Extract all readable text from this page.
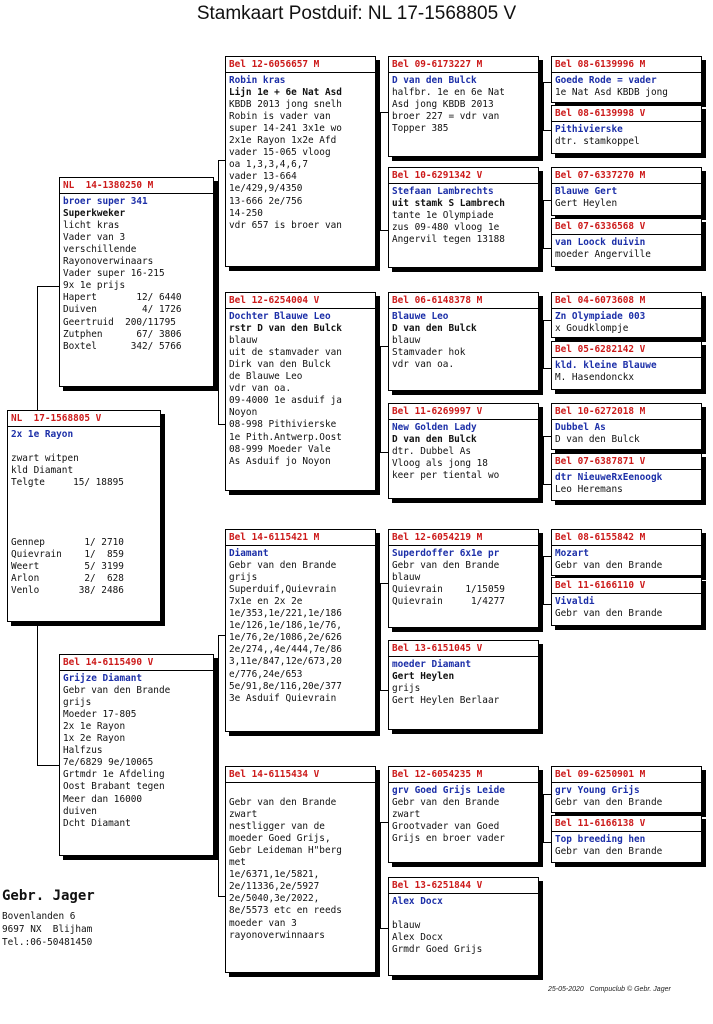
Stamkaart Postduif: NL 17-1568805 V
NL  17-1568805 V
2x 1e Rayon
zwart witpen
kld Diamant
Telgte     15/ 18895
Gennep       1/ 2710
Quievrain    1/  859
Weert        5/ 3199
Arlon        2/  628
Venlo       38/ 2486
NL  14-1380250 M
broer super 341
Superkweker
licht kras
Vader van 3
verschillende
Rayonoverwinaars
Vader super 16-215
9x 1e prijs
Hapert       12/ 6440
Duiven        4/ 1726
Geertruid  200/11795
Zutphen      67/ 3806
Boxtel      342/ 5766
Bel 14-6115490 V
Grijze Diamant
Gebr van den Brande
grijs
Moeder 17-805
2x 1e Rayon
1x 2e Rayon
Halfzus
7e/6829 9e/10065
Grtmdr 1e Afdeling
Oost Brabant tegen
Meer dan 16000
duiven
Dcht Diamant
Bel 12-6056657 M
Robin kras
Lijn 1e + 6e Nat Asd
KBDB 2013 jong snelh
Robin is vader van
super 14-241 3x1e wo
2x1e Rayon 1x2e Afd
vader 15-065 vloog
oa 1,3,3,4,6,7
vader 13-664
1e/429,9/4350
13-666 2e/756
14-250
vdr 657 is broer van
Bel 12-6254004 V
Dochter Blauwe Leo
rstr D van den Bulck
blauw
uit de stamvader van
Dirk van den Bulck
de Blauwe Leo
vdr van oa.
09-4000 1e asduif ja
Noyon
08-998 Pithivierske
1e Pith.Antwerp.Oost
08-999 Moeder Vale
As Asduif jo Noyon
Bel 14-6115421 M
Diamant
Gebr van den Brande
grijs
Superduif,Quievrain
7x1e en 2x 2e
1e/353,1e/221,1e/186
1e/126,1e/186,1e/76,
1e/76,2e/1086,2e/626
2e/274,,4e/444,7e/86
3,11e/847,12e/673,20
e/776,24e/653
5e/91,8e/116,20e/377
3e Asduif Quievrain
Bel 14-6115434 V
Gebr van den Brande
zwart
nestligger van de
moeder Goed Grijs,
Gebr Leideman H"berg
met
1e/6371,1e/5821,
2e/11336,2e/5927
2e/5040,3e/2022,
8e/5573 etc en reeds
moeder van 3
rayonoverwinnaars
Bel 09-6173227 M
D van den Bulck
halfbr. 1e en 6e Nat
Asd jong KBDB 2013
broer 227 = vdr van
Topper 385
Bel 10-6291342 V
Stefaan Lambrechts
uit stamk S Lambrech
tante 1e Olympiade
zus 09-480 vloog 1e
Angervil tegen 13188
Bel 06-6148378 M
Blauwe Leo
D van den Bulck
blauw
Stamvader hok
vdr van oa.
Bel 11-6269997 V
New Golden Lady
D van den Bulck
dtr. Dubbel As
Vloog als jong 18
keer per tiental wo
Bel 12-6054219 M
Superdoffer 6x1e pr
Gebr van den Brande
blauw
Quievrain    1/15059
Quievrain     1/4277
Bel 13-6151045 V
moeder Diamant
Gert Heylen
grijs
Gert Heylen Berlaar
Bel 12-6054235 M
grv Goed Grijs Leide
Gebr van den Brande
zwart
Grootvader van Goed
Grijs en broer vader
Bel 13-6251844 V
Alex Docx
blauw
Alex Docx
Grmdr Goed Grijs
Bel 08-6139996 M
Goede Rode = vader
1e Nat Asd KBDB jong
Bel 08-6139998 V
Pithivierske
dtr. stamkoppel
Bel 07-6337270 M
Blauwe Gert
Gert Heylen
Bel 07-6336568 V
van Loock duivin
moeder Angerville
Bel 04-6073608 M
Zn Olympiade 003
x Goudklompje
Bel 05-6282142 V
kld. kleine Blauwe
M. Hasendonckx
Bel 10-6272018 M
Dubbel As
D van den Bulck
Bel 07-6387871 V
dtr NieuweRxEenoogk
Leo Heremans
Bel 08-6155842 M
Mozart
Gebr van den Brande
Bel 11-6166110 V
Vivaldi
Gebr van den Brande
Bel 09-6250901 M
grv Young Grijs
Gebr van den Brande
Bel 11-6166138 V
Top breeding hen
Gebr van den Brande
Gebr. Jager
Bovenlanden 6
9697 NX  Blijham
Tel.:06-50481450
25-05-2020 Compuclub © Gebr. Jager
